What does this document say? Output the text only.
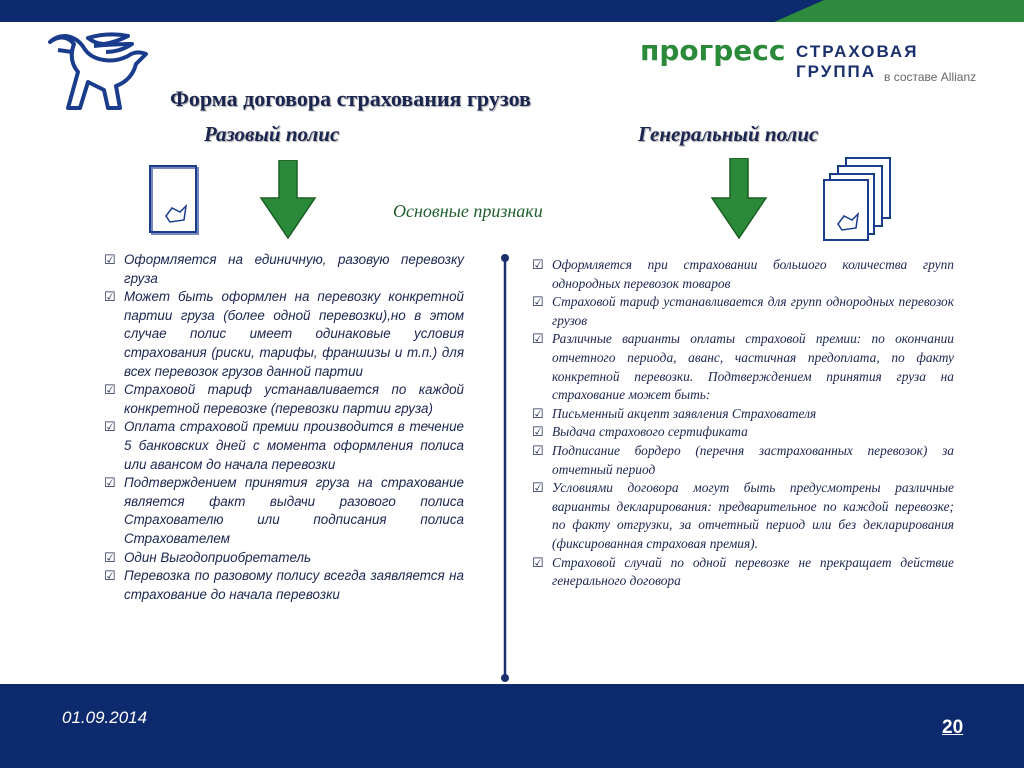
прогресс СТРАХОВАЯ ГРУППА в составе Allianz
Форма договора страхования грузов
Разовый полис	Генеральный полис
Основные признаки
☑ Оформляется на единичную, разовую перевозку груза
☑ Может быть оформлен на перевозку конкретной партии груза (более одной перевозки),но в этом случае полис имеет одинаковые условия страхования (риски, тарифы, франшизы и т.п.) для всех перевозок грузов данной партии
☑ Страховой тариф устанавливается по каждой конкретной перевозке (перевозки партии груза)
☑ Оплата страховой премии производится в течение 5 банковских дней с момента оформления полиса или авансом до начала перевозки
☑ Подтверждением принятия груза на страхование является факт выдачи разового полиса Страхователю или подписания полиса Страхователем
☑ Один Выгодоприобретатель
☑ Перевозка по разовому полису всегда заявляется на страхование до начала перевозки
☑ Оформляется при страховании большого количества групп однородных перевозок товаров
☑ Страховой тариф устанавливается для групп однородных перевозок грузов
☑ Различные варианты оплаты страховой премии: по окончании отчетного периода, аванс, частичная предоплата, по факту конкретной перевозки. Подтверждением принятия груза на страхование может быть:
☑ Письменный акцепт заявления Страхователя
☑ Выдача страхового сертификата
☑ Подписание бордеро (перечня застрахованных перевозок) за отчетный период
☑ Условиями договора могут быть предусмотрены различные варианты декларирования: предварительное по каждой перевозке; по факту отгрузки, за отчетный период или без декларирования (фиксированная страховая премия).
☑ Страховой случай по одной перевозке не прекращает действие генерального договора
01.09.2014	20
